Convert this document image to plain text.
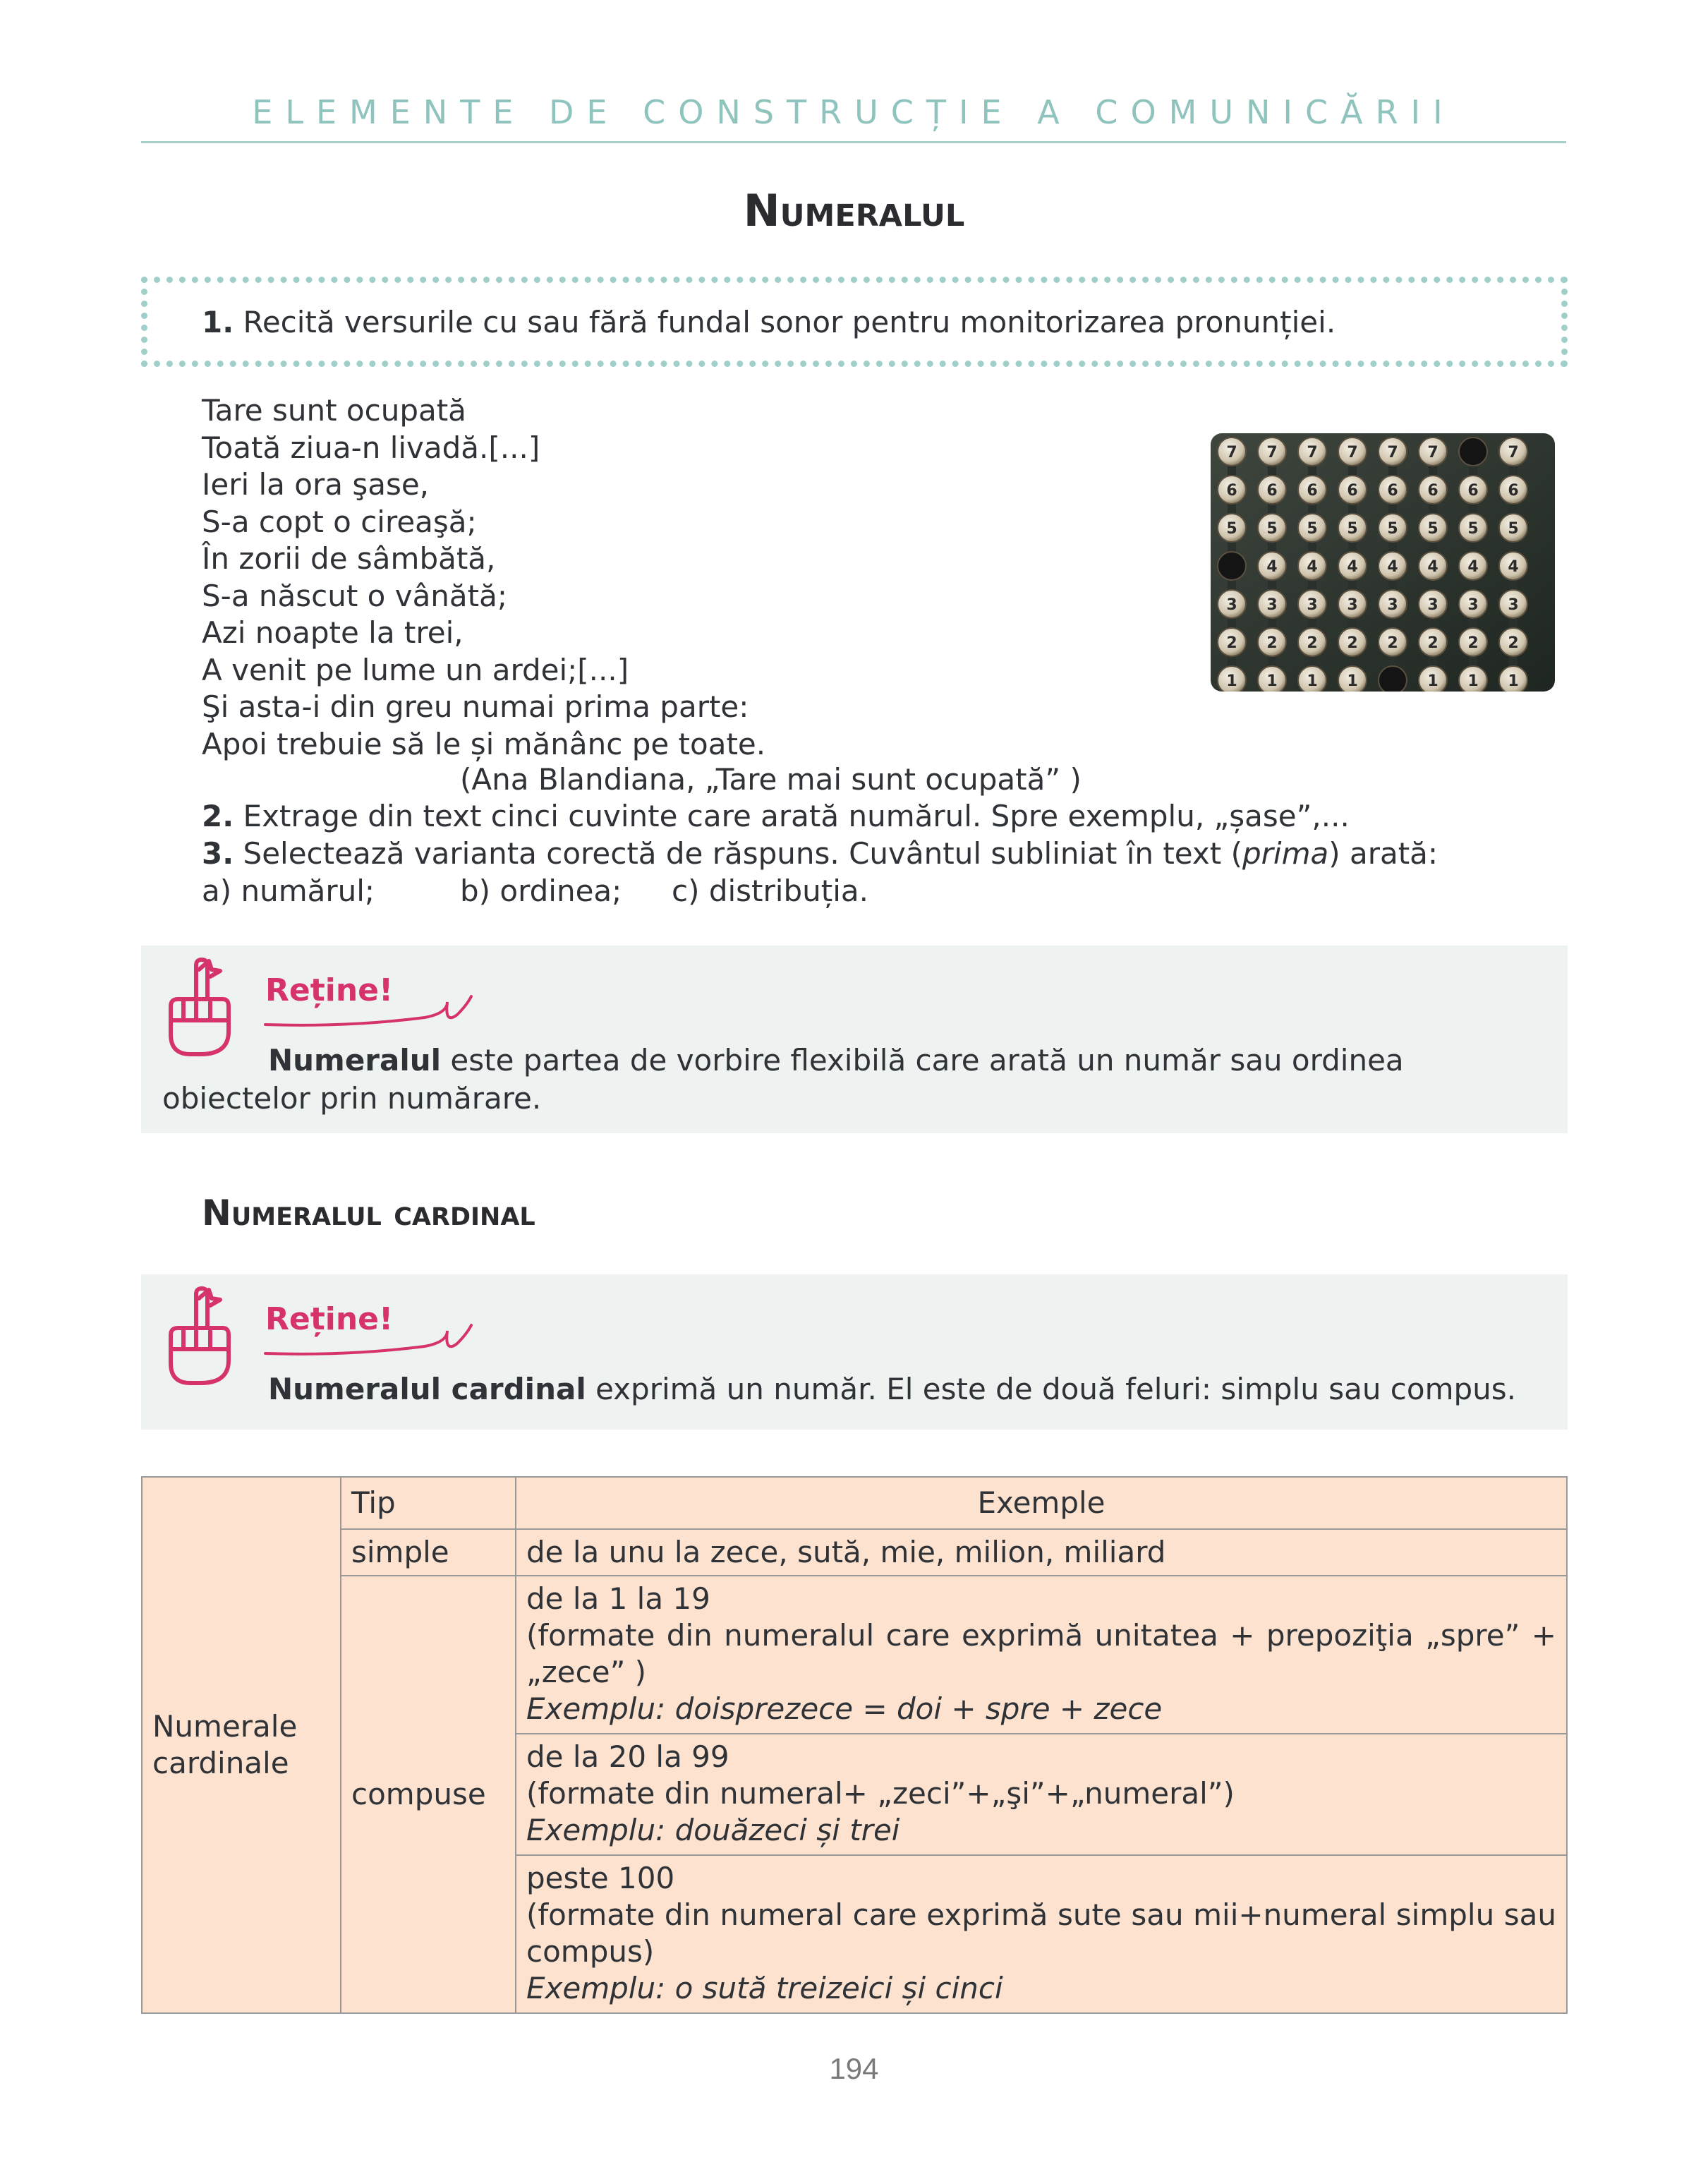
ELEMENTE DE CONSTRUCȚIE A COMUNICĂRII
Numeralul
1. Recită versurile cu sau fără fundal sonor pentru monitorizarea pronunției.
Tare sunt ocupată
Toată ziua-n livadă.[...]
Ieri la ora şase,
S-a copt o cireaşă;
În zorii de sâmbătă,
S-a născut o vânătă;
Azi noapte la trei,
A venit pe lume un ardei;[...]
Şi asta-i din greu numai prima parte:
Apoi trebuie să le și mănânc pe toate.
(Ana Blandiana, „Tare mai sunt ocupată” )
7 7 7 7 7 7	7
6 6 6 6 6 6 6 6
5 5 5 5 5 5 5 5
4 4 4 4 4 4 4
3 3 3 3 3 3 3 3
2 2 2 2 2 2 2 2
1 1 1 1	1 1 1
Reține!
Numeralul este partea de vorbire flexibilă care arată un număr sau ordinea obiectelor prin numărare.
Numeralul cardinal
Reține!
Numeralul cardinal exprimă un număr. El este de două feluri: simplu sau compus.
2. Extrage din text cinci cuvinte care arată numărul. Spre exemplu, „șase”,...
3. Selectează varianta corectă de răspuns. Cuvântul subliniat în text (prima) arată:
a) numărul;	b) ordinea; c) distribuția.
Numerale cardinale	Tip	Exemple
	simple	de la unu la zece, sută, mie, milion, miliard
	compuse	de la 1 la 19
(formate din numeralul care exprimă unitatea + prepoziţia „spre” + „zece” )
Exemplu: doisprezece = doi + spre + zece

		de la 20 la 99
(formate din numeral+ „zeci”+„şi”+„numeral”)
Exemplu: douăzeci și trei

		peste 100
(formate din numeral care exprimă sute sau mii+numeral simplu sau compus)
Exemplu: o sută treizeici și cinci
194
